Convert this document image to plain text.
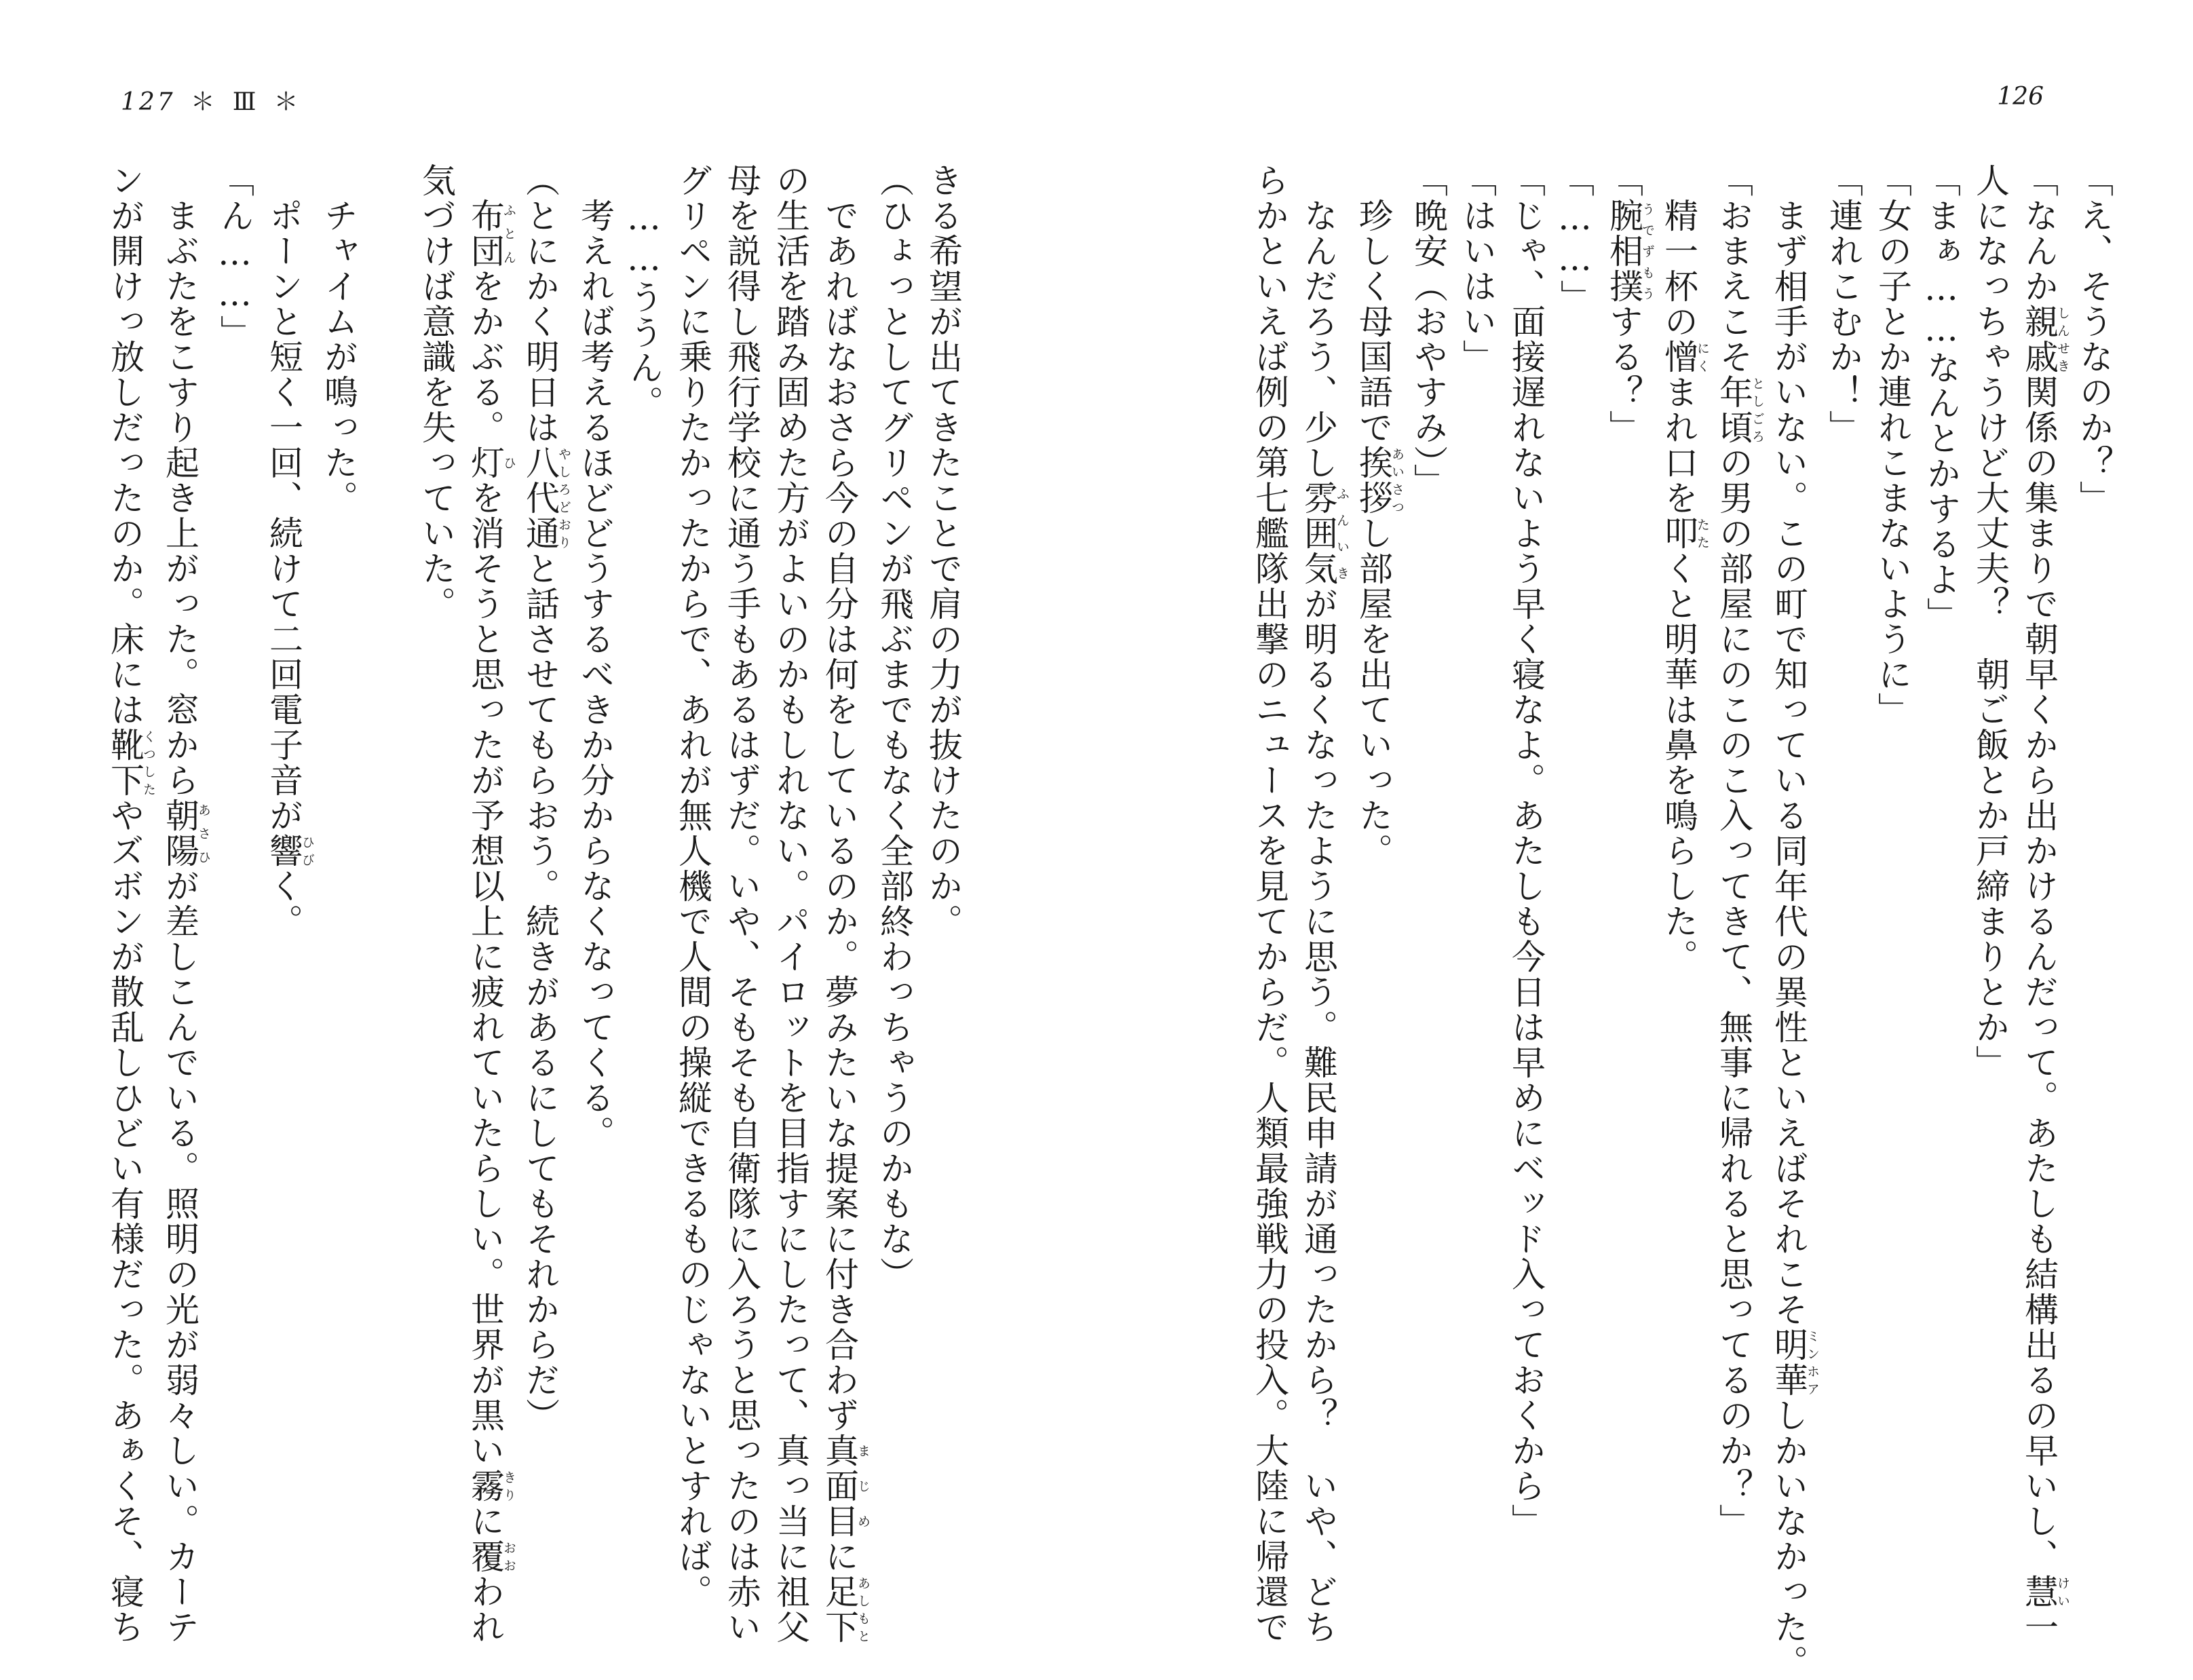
127 ＊ Ⅲ ＊
きる希望が出てきたことで肩の力が抜けたのか。
（ひょっとしてグリペンが飛ぶまでもなく全部終わっちゃうのかもな）
　であればなおさら今の自分は何をしているのか。夢みたいな提案に付き合わず真面目まじめに足下あしもと
の生活を踏み固めた方がよいのかもしれない。パイロットを目指すにしたって、真っ当に祖父
母を説得し飛行学校に通う手もあるはずだ。いや、そもそも自衛隊に入ろうと思ったのは赤い
グリペンに乗りたかったからで、あれが無人機で人間の操縦できるものじゃないとすれば。
　……ううん。
　考えれば考えるほどどうするべきか分からなくなってくる。
（とにかく明日は八代通やしろどおりと話させてもらおう。続きがあるにしてもそれからだ）
　布団ふとんをかぶる。灯ひを消そうと思ったが予想以上に疲れていたらしい。世界が黒い霧きりに覆おおわれ
気づけば意識を失っていた。

　チャイムが鳴った。
　ポーンと短く一回、続けて二回電子音が響ひびく。
「ん……」
　まぶたをこすり起き上がった。窓から朝陽あさひが差しこんでいる。照明の光が弱々しい。カーテ
ンが開けっ放しだったのか。床には靴下くつしたやズボンが散乱しひどい有様だった。あぁくそ、寝ち
126
「え、そうなのか？」
「なんか親戚しんせき関係の集まりで朝早くから出かけるんだって。あたしも結構出るの早いし、慧けい一
人になっちゃうけど大丈夫？　朝ご飯とか戸締まりとか」
「まぁ……なんとかするよ」
「女の子とか連れこまないように」
「連れこむか！」
　まず相手がいない。この町で知っている同年代の異性といえばそれこそ明華ミンホアしかいなかった。
「おまえこそ年頃としごろの男の部屋にのこのこ入ってきて、無事に帰れると思ってるのか？」
　精一杯の憎にくまれ口を叩たたくと明華は鼻を鳴らした。
「腕相撲うでずもうする？」
「……」
「じゃ、面接遅れないよう早く寝なよ。あたしも今日は早めにベッド入っておくから」
「はいはい」
「晩安（おやすみ）」
　珍しく母国語で挨拶あいさつし部屋を出ていった。
　なんだろう、少し雰囲気ふんいきが明るくなったように思う。難民申請が通ったから？　いや、どち
らかといえば例の第七艦隊出撃のニュースを見てからだ。人類最強戦力の投入。大陸に帰還で
